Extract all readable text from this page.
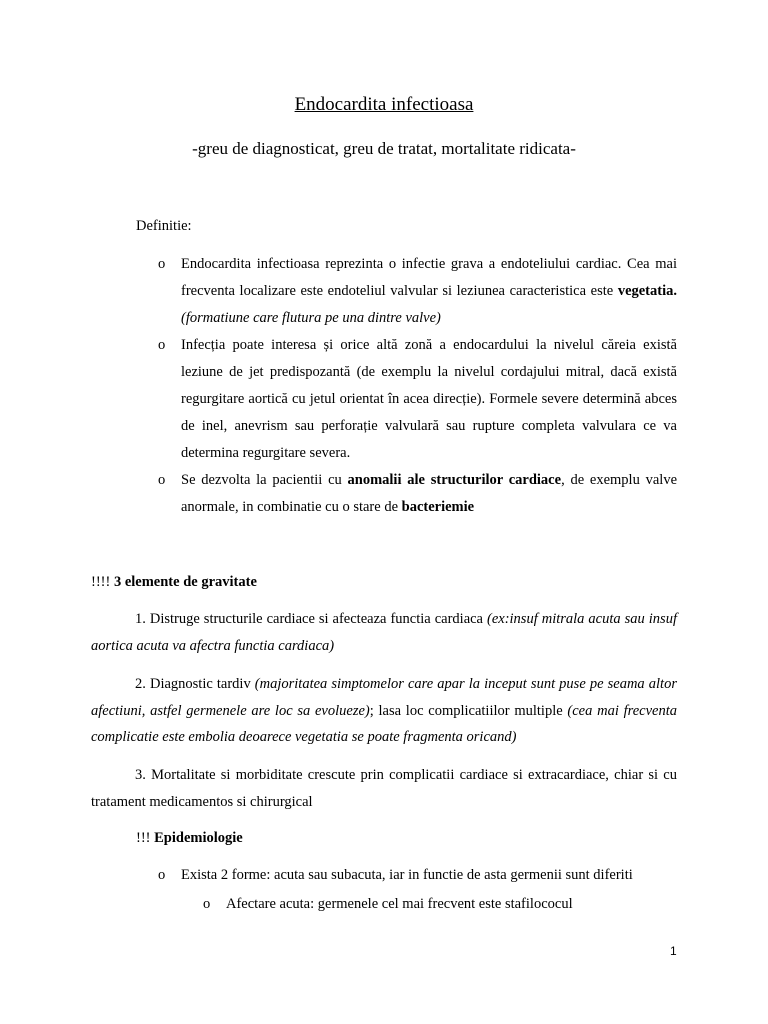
Endocardita infectioasa
-greu de diagnosticat, greu de tratat, mortalitate ridicata-
Definitie:
o Endocardita infectioasa reprezinta o infectie grava a endoteliului cardiac. Cea mai frecventa localizare este endoteliul valvular si leziunea caracteristica este vegetatia. (formatiune care flutura pe una dintre valve)
o Infecția poate interesa și orice altă zonă a endocardului la nivelul căreia există leziune de jet predispozantă (de exemplu la nivelul cordajului mitral, dacă există regurgitare aortică cu jetul orientat în acea direcție). Formele severe determină abces de inel, anevrism sau perforație valvulară sau rupture completa valvulara ce va determina regurgitare severa.
o Se dezvolta la pacientii cu anomalii ale structurilor cardiace, de exemplu valve anormale, in combinatie cu o stare de bacteriemie
!!!! 3 elemente de gravitate
1. Distruge structurile cardiace si afecteaza functia cardiaca (ex:insuf mitrala acuta sau insuf aortica acuta va afectra functia cardiaca)
2. Diagnostic tardiv (majoritatea simptomelor care apar la inceput sunt puse pe seama altor afectiuni, astfel germenele are loc sa evolueze); lasa loc complicatiilor multiple (cea mai frecventa complicatie este embolia deoarece vegetatia se poate fragmenta oricand)
3. Mortalitate si morbiditate crescute prin complicatii cardiace si extracardiace, chiar si cu tratament medicamentos si chirurgical
!!! Epidemiologie
o Exista 2 forme: acuta sau subacuta, iar in functie de asta germenii sunt diferiti
o Afectare acuta: germenele cel mai frecvent este stafilococul
1
